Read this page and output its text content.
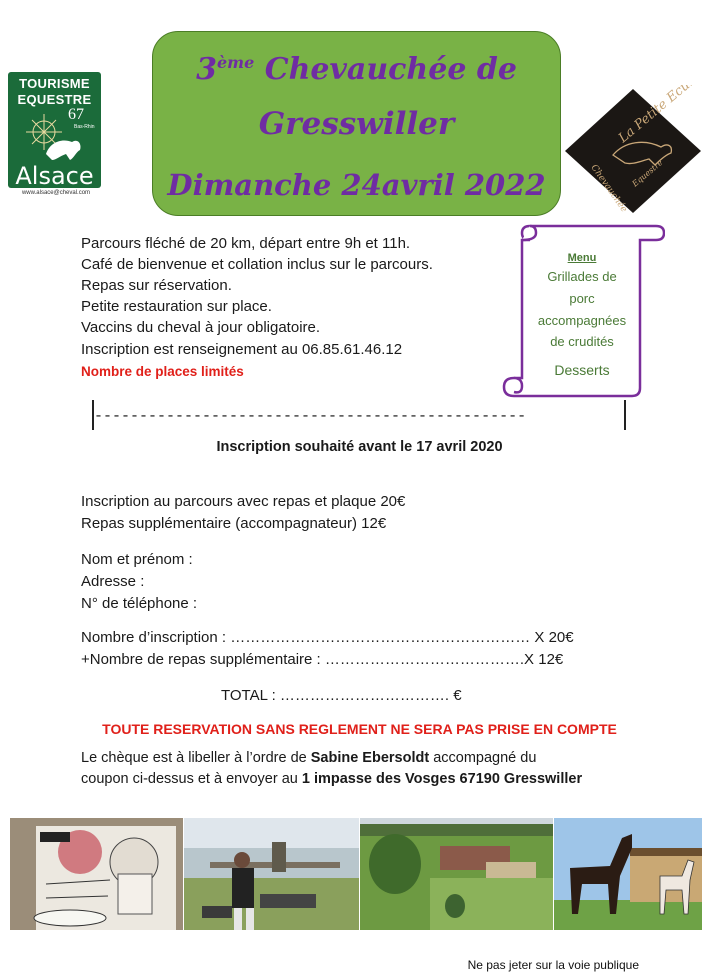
TOURISME
EQUESTRE
67
Bas-Rhin
Alsace
www.alsace@cheval.com
3ème Chevauchée de
Gresswiller
Dimanche 24avril 2022
La Petite Ecurie
Chevauchée Equestre
Parcours fléché de 20 km, départ entre 9h et 11h.
Café de bienvenue et collation inclus sur le parcours.
Repas sur réservation.
Petite restauration sur place.
Vaccins du cheval à jour obligatoire.
Inscription est renseignement au 06.85.61.46.12
Nombre de places limités
Menu
Grillades de
porc
accompagnées
de crudités
Desserts
------------------------------------------------
Inscription souhaité avant le 17 avril 2020
Inscription au parcours avec repas et plaque 20€
Repas supplémentaire (accompagnateur) 12€
Nom et prénom :
Adresse :
N° de téléphone :
Nombre d’inscription : …………………………………………………… X 20€
+Nombre de repas supplémentaire : ………………………………….X 12€
TOTAL : ……………………………. €
TOUTE RESERVATION SANS REGLEMENT NE SERA PAS PRISE EN COMPTE
Le chèque est à libeller à l’ordre de Sabine Ebersoldt accompagné du
coupon ci-dessus et à envoyer au 1 impasse des Vosges 67190 Gresswiller
Ne pas jeter sur la voie publique
